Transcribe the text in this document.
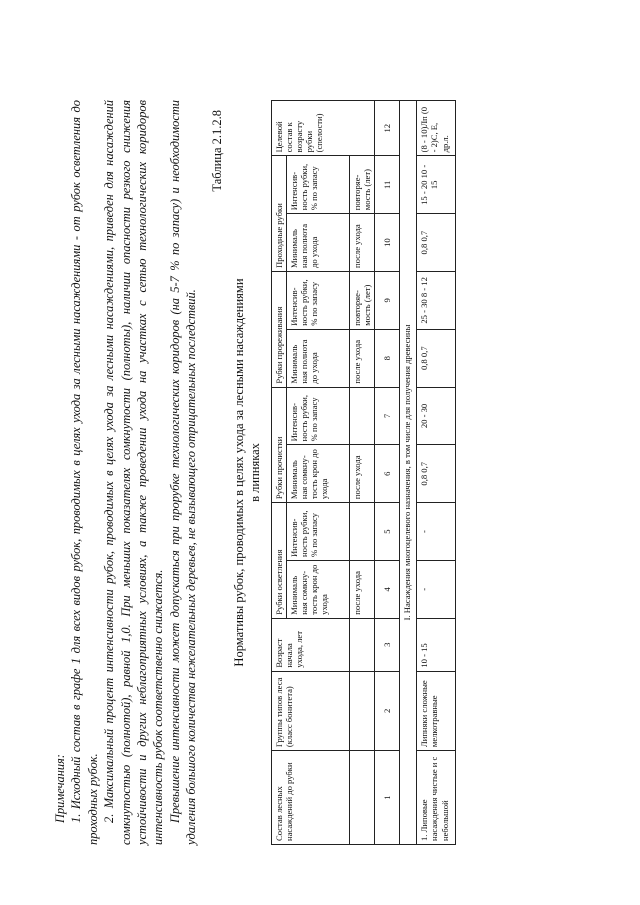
Примечания: 1. Исходный состав в графе 1 для всех видов рубок, проводимых в целях ухода за лесными насаждениями - от рубок осветления до проходных рубок. 2. Максимальный процент интенсивности рубок, проводимых в целях ухода за лесными насаждениями, приведен для насаждений сомкнутостью (полнотой), равной 1,0. При меньших показателях сомкнутости (полноты), наличии опасности резкого снижения устойчивости и других неблагоприятных условиях, а также проведении ухода на участках с сетью технологических коридоров интенсивность рубок соответственно снижается. Превышение интенсивности может допускаться при прорубке технологических коридоров (на 5-7 % по запасу) и необходимости удаления большого количества нежелательных деревьев, не вызывающего отрицательных последствий.

Таблица 2.1.2.8
Нормативы рубок, проводимых в целях ухода за лесными насаждениями в липняках
Состав лесных насаждений до рубки	Группы типов леса (класс бонитета)	Возраст начала ухода, лет	Рубки осветления		Рубки прочистки		Рубки прореживания		Проходные рубки		Целевой состав к возрасту рубки (спелости)
			Минималь ная сомкну- тость крон до ухода	Интенсив- ность рубки, % по запасу	Минималь ная сомкну- тость крон до ухода	Интенсив- ность рубки, % по запасу	Минималь ная полнота до ухода	Интенсив- ность рубки, % по запасу	Минималь ная полнота до ухода	Интенсив- ность рубки, % по запасу	
			после ухода		после ухода		после ухода	повторяе- мость (лет)	после ухода	повторяе- мость (лет)	
1	2	3	4	5	6	7	8	9	10	11	12
I. Насаждения многоцелевого назначения, в том числе для получения древесины											
1. Липовые насаждения чистые и с небольшой	Липняки сложные мелкотравные	10 - 15	-	-	0,8 0,7	20 - 30	0,8 0,7	25 - 30 8 - 12	0,8 0,7	15 - 20 10 - 15	(8 - 10)Лп (0 - 2)С, Е, др.л.
